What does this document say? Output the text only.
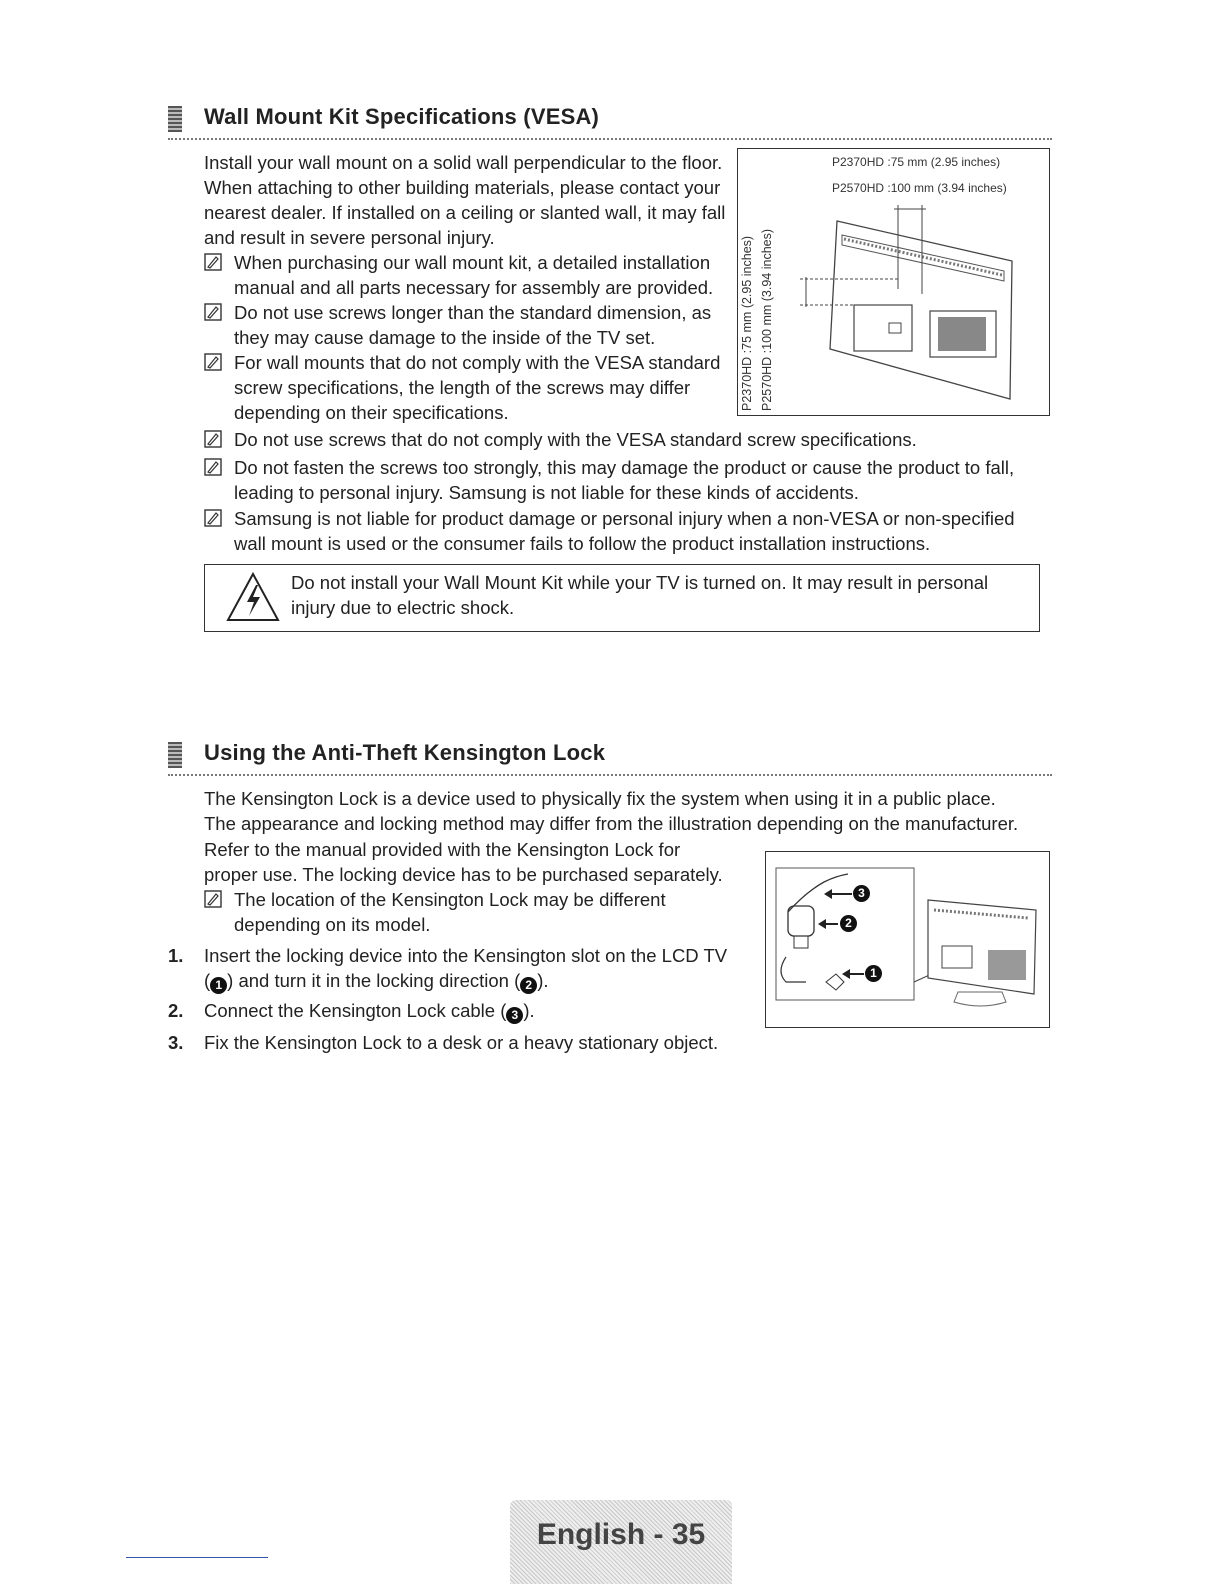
Wall Mount Kit Specifications (VESA)
Install your wall mount on a solid wall perpendicular to the floor.
When attaching to other building materials, please contact your
nearest dealer. If installed on a ceiling or slanted wall, it may fall
and result in severe personal injury.
When purchasing our wall mount kit, a detailed installation
manual and all parts necessary for assembly are provided.
Do not use screws longer than the standard dimension, as
they may cause damage to the inside of the TV set.
For wall mounts that do not comply with the VESA standard
screw specifications, the length of the screws may differ
depending on their specifications.
P2370HD :75 mm (2.95 inches)
P2570HD :100 mm (3.94 inches)
P2370HD :75 mm (2.95 inches) P2570HD :100 mm (3.94 inches)
Do not use screws that do not comply with the VESA standard screw specifications.
Do not fasten the screws too strongly, this may damage the product or cause the product to fall,
leading to personal injury. Samsung is not liable for these kinds of accidents.
Samsung is not liable for product damage or personal injury when a non-VESA or non-specified
wall mount is used or the consumer fails to follow the product installation instructions.
Do not install your Wall Mount Kit while your TV is turned on. It may result in personal
injury due to electric shock.
Using the Anti-Theft Kensington Lock
The Kensington Lock is a device used to physically fix the system when using it in a public place.
The appearance and locking method may differ from the illustration depending on the manufacturer.
Refer to the manual provided with the Kensington Lock for
proper use. The locking device has to be purchased separately.
The location of the Kensington Lock may be different
depending on its model.
1. Insert the locking device into the Kensington slot on the LCD TV
( 1 ) and turn it in the locking direction ( 2 ).
2. Connect the Kensington Lock cable ( 3 ).
3. Fix the Kensington Lock to a desk or a heavy stationary object.
3
2
1
English - 35
